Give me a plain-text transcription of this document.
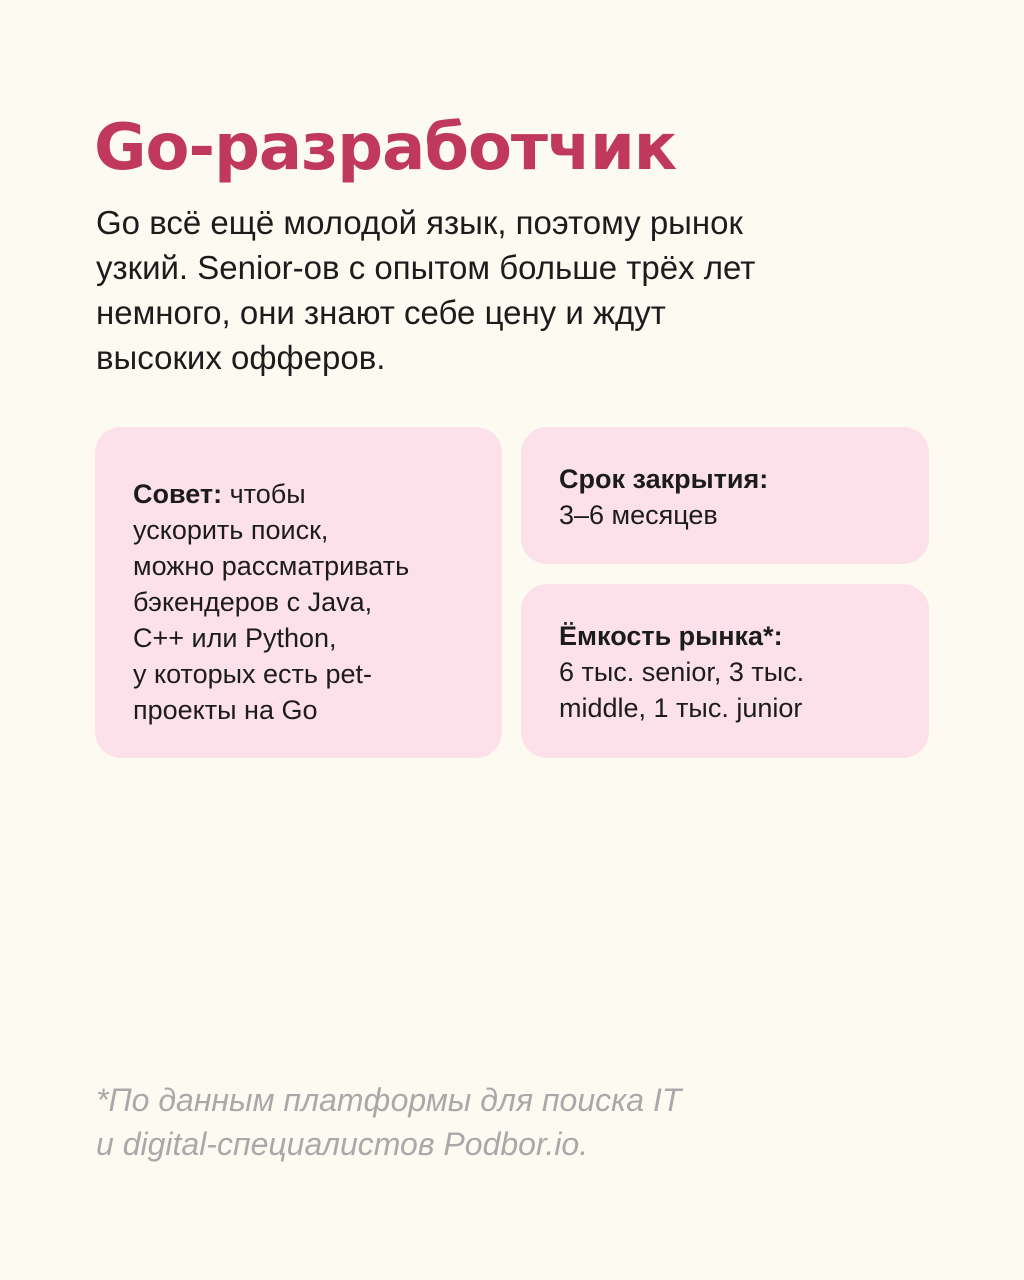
Go-разработчик

Go всё ещё молодой язык, поэтому рынок
узкий. Senior-ов с опытом больше трёх лет
немного, они знают себе цену и ждут
высоких офферов.

Совет: чтобы
ускорить поиск,
можно рассматривать
бэкендеров с Java,
C++ или Python,
у которых есть pet-
проекты на Go

Срок закрытия:

3–6 месяцев

Ёмкость рынка*:

6 тыс. senior, 3 тыс.
middle, 1 тыс. junior

*По данным платформы для поиска IT
и digital-специалистов Podbor.io.
